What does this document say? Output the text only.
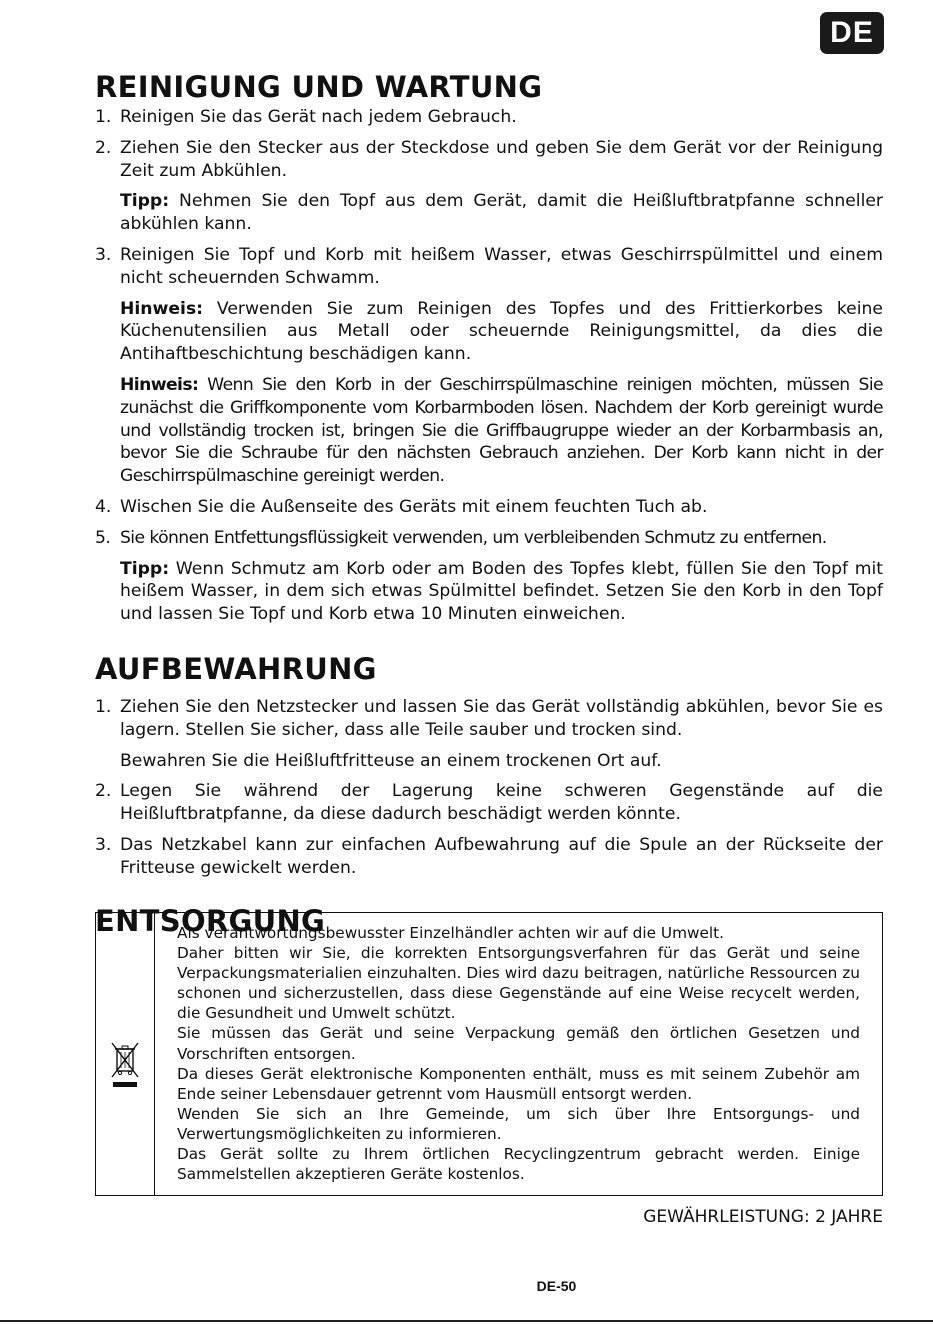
DE
REINIGUNG UND WARTUNG
1. Reinigen Sie das Gerät nach jedem Gebrauch.
2. Ziehen Sie den Stecker aus der Steckdose und geben Sie dem Gerät vor der Reinigung Zeit zum Abkühlen.

Tipp: Nehmen Sie den Topf aus dem Gerät, damit die Heißluftbratpfanne schneller abkühlen kann.

3. Reinigen Sie Topf und Korb mit heißem Wasser, etwas Geschirrspülmittel und einem nicht scheuernden Schwamm.

Hinweis: Verwenden Sie zum Reinigen des Topfes und des Frittierkorbes keine Küchenutensilien aus Metall oder scheuernde Reinigungsmittel, da dies die Antihaftbeschichtung beschädigen kann.

Hinweis: Wenn Sie den Korb in der Geschirrspülmaschine reinigen möchten, müssen Sie zunächst die Griffkomponente vom Korbarmboden lösen. Nachdem der Korb gereinigt wurde und vollständig trocken ist, bringen Sie die Griffbaugruppe wieder an der Korbarmbasis an, bevor Sie die Schraube für den nächsten Gebrauch anziehen. Der Korb kann nicht in der Geschirrspülmaschine gereinigt werden.

4. Wischen Sie die Außenseite des Geräts mit einem feuchten Tuch ab.
5. Sie können Entfettungsflüssigkeit verwenden, um verbleibenden Schmutz zu entfernen.

Tipp: Wenn Schmutz am Korb oder am Boden des Topfes klebt, füllen Sie den Topf mit heißem Wasser, in dem sich etwas Spülmittel befindet. Setzen Sie den Korb in den Topf und lassen Sie Topf und Korb etwa 10 Minuten einweichen.

AUFBEWAHRUNG
1. Ziehen Sie den Netzstecker und lassen Sie das Gerät vollständig abkühlen, bevor Sie es lagern. Stellen Sie sicher, dass alle Teile sauber und trocken sind.

Bewahren Sie die Heißluftfritteuse an einem trockenen Ort auf.

2. Legen Sie während der Lagerung keine schweren Gegenstände auf die Heißluftbratpfanne, da diese dadurch beschädigt werden könnte.
3. Das Netzkabel kann zur einfachen Aufbewahrung auf die Spule an der Rückseite der Fritteuse gewickelt werden.
ENTSORGUNG

Als verantwortungsbewusster Einzelhändler achten wir auf die Umwelt.

Daher bitten wir Sie, die korrekten Entsorgungsverfahren für das Gerät und seine Verpackungsmaterialien einzuhalten. Dies wird dazu beitragen, natürliche Ressourcen zu schonen und sicherzustellen, dass diese Gegenstände auf eine Weise recycelt werden, die Gesundheit und Umwelt schützt.

Sie müssen das Gerät und seine Verpackung gemäß den örtlichen Gesetzen und Vorschriften entsorgen.

Da dieses Gerät elektronische Komponenten enthält, muss es mit seinem Zubehör am Ende seiner Lebensdauer getrennt vom Hausmüll entsorgt werden.

Wenden Sie sich an Ihre Gemeinde, um sich über Ihre Entsorgungs- und Verwertungsmöglichkeiten zu informieren.

Das Gerät sollte zu Ihrem örtlichen Recyclingzentrum gebracht werden. Einige Sammelstellen akzeptieren Geräte kostenlos.

GEWÄHRLEISTUNG: 2 JAHRE
DE-50
